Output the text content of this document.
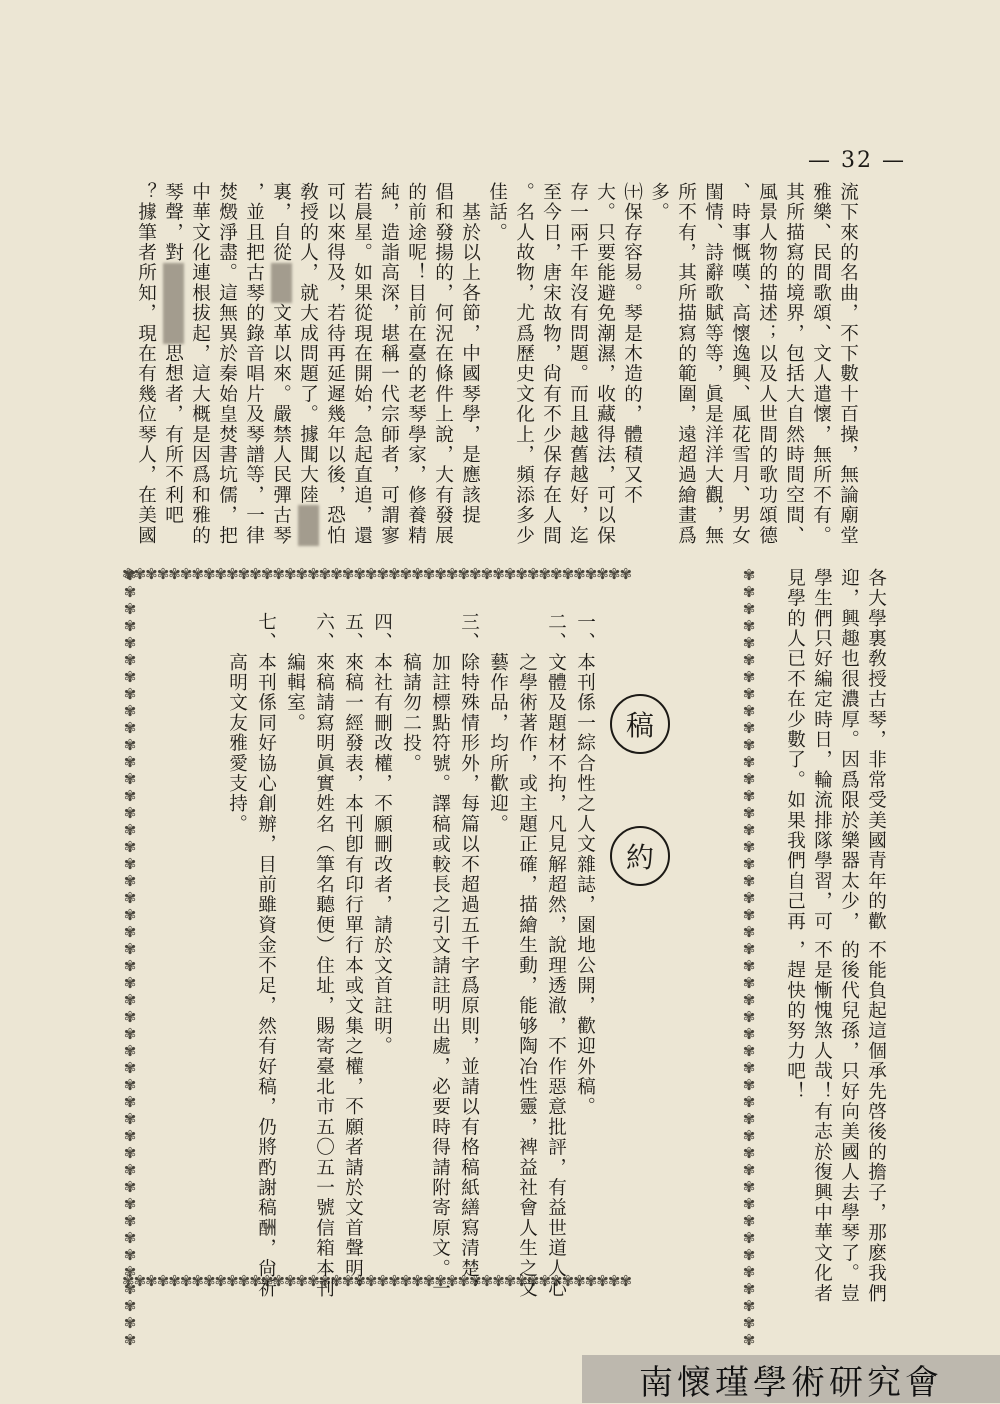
— 32 —
流下來的名曲，不下數十百操，無論廟堂
雅樂、民間歌頌、文人遣懷，無所不有。
其所描寫的境界，包括大自然時間空間、
風景人物的描述；以及人世間的歌功頌德
、時事慨嘆、高懷逸興、風花雪月、男女
閨情、詩辭歌賦等等，眞是洋洋大觀，無
所不有，其所描寫的範圍，遠超過繪畫爲
多。
㈩保存容易。琴是木造的，體積又不
大。只要能避免潮濕，收藏得法，可以保
存一兩千年沒有問題。而且越舊越好，迄
至今日，唐宋故物，尙有不少保存在人間
。名人故物，尤爲歷史文化上，頻添多少
佳話。
　基於以上各節，中國琴學，是應該提
倡和發揚的，何況在條件上說，大有發展
的前途呢！目前在臺的老琴學家，修養精
純，造詣高深，堪稱一代宗師者，可謂寥
若晨星。如果從現在開始，急起直追，還
可以來得及，若待再延遲幾年以後，恐怕
敎授的人，就大成問題了。據聞大陸
裏，自從文革以來。嚴禁人民彈古琴
，並且把古琴的錄音唱片及琴譜等，一律
焚燬淨盡。這無異於秦始皇焚書坑儒，把
中華文化連根拔起，這大概是因爲和雅的
琴聲，對思想者，有所不利吧
？據筆者所知，現在有幾位琴人，在美國
各大學裏敎授古琴，非常受美國青年的歡
迎，興趣也很濃厚。因爲限於樂器太少，
學生們只好編定時日，輪流排隊學習，可
見學的人已不在少數了。如果我們自己再
不能負起這個承先啓後的擔子，那麽我們
的後代兒孫，只好向美國人去學琴了。豈
不是慚愧煞人哉！有志於復興中華文化者
，趕快的努力吧！
✾✾✾✾✾✾✾✾✾✾✾✾✾✾✾✾✾✾✾✾✾✾✾✾✾✾✾✾✾✾✾✾✾✾✾✾✾✾✾✾✾✾✾✾
✾✾✾✾✾✾✾✾✾✾✾✾✾✾✾✾✾✾✾✾✾✾✾✾✾✾✾✾✾✾✾✾✾✾✾✾✾✾✾✾✾✾✾✾
✾✾✾✾✾✾✾✾✾✾✾✾✾✾✾✾✾✾✾✾✾✾✾✾✾✾✾✾✾✾✾✾✾✾✾✾✾✾✾✾✾✾✾✾✾✾	✾✾✾✾✾✾✾✾✾✾✾✾✾✾✾✾✾✾✾✾✾✾✾✾✾✾✾✾✾✾✾✾✾✾✾✾✾✾✾✾✾✾✾✾✾✾
稿
約
一、本刊係一綜合性之人文雜誌，園地公開，歡迎外稿。
二、文體及題材不拘，凡見解超然，說理透澈，不作惡意批評，有益世道人心
　　之學術著作，或主題正確，描繪生動，能够陶冶性靈，裨益社會人生之文
　　藝作品，均所歡迎。
三、除特殊情形外，每篇以不超過五千字爲原則，並請以有格稿紙繕寫清楚，
　　加註標點符號。譯稿或較長之引文請註明出處，必要時得請附寄原文。一
　　稿請勿二投。
四、本社有刪改權，不願刪改者，請於文首註明。
五、來稿一經發表，本刊卽有印行單行本或文集之權，不願者請於文首聲明。
六、來稿請寫明眞實姓名（筆名聽便）住址，賜寄臺北市五〇五一號信箱本刊
　　編輯室。
七、本刊係同好協心創辦，目前雖資金不足，然有好稿，仍將酌謝稿酬，尙祈
　　高明文友雅愛支持。
南懷瑾學術研究會
